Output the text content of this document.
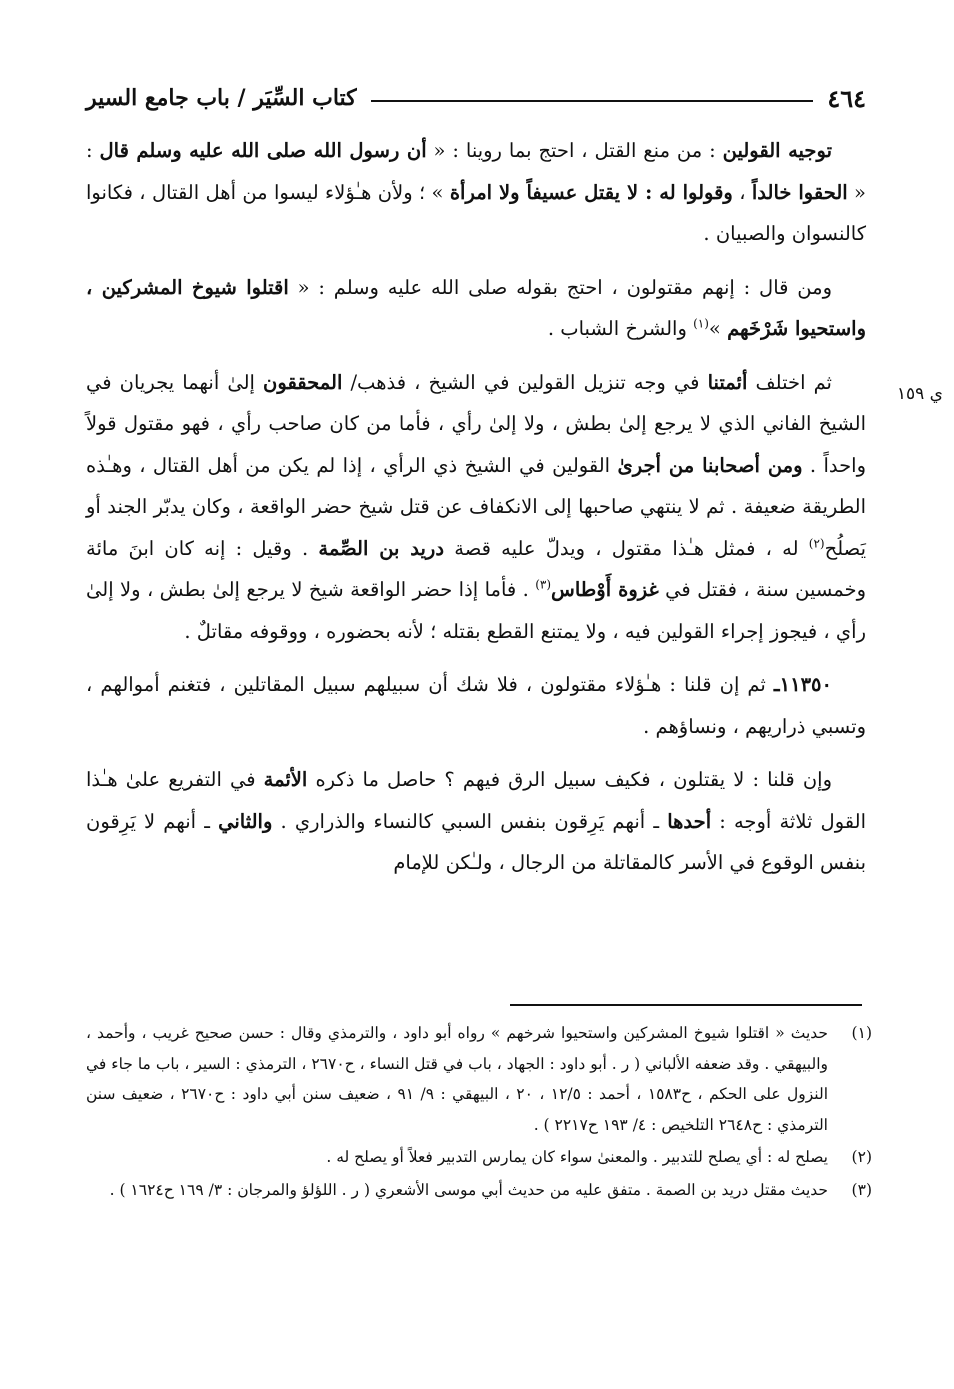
٤٦٤
كتاب السِّيَر / باب جامع السير
ي ١٥٩

توجيه القولين : من منع القتل ، احتج بما روينا : « أن رسول الله صلى الله عليه وسلم قال : « الحقوا خالداً ، وقولوا له : لا يقتل عسيفاً ولا امرأة » ؛ ولأن هـٰؤلاء ليسوا من أهل القتال ، فكانوا كالنسوان والصبيان .

ومن قال : إنهم مقتولون ، احتج بقوله صلى الله عليه وسلم : « اقتلوا شيوخ المشركين ، واستحيوا شَرْخَهم »$^{(١)}$ والشرخ الشباب .

ثم اختلف أئمتنا في وجه تنزيل القولين في الشيخ ، فذهب/ المحققون إلىٰ أنهما يجريان في الشيخ الفاني الذي لا يرجع إلىٰ بطش ، ولا إلىٰ رأي ، فأما من كان صاحب رأي ، فهو مقتول قولاً واحداً . ومن أصحابنا من أجرىٰ القولين في الشيخ ذي الرأي ، إذا لم يكن من أهل القتال ، وهـٰذه الطريقة ضعيفة . ثم لا ينتهي صاحبها إلى الانكفاف عن قتل شيخ حضر الواقعة ، وكان يدبّر الجند أو يَصلُح$^{(٢)}$ له ، فمثل هـٰذا مقتول ، ويدلّ عليه قصة دريد بن الصِّمة . وقيل : إنه كان ابنَ مائة وخمسين سنة ، فقتل في غزوة أَوْطاس$^{(٣)}$ . فأما إذا حضر الواقعة شيخ لا يرجع إلىٰ بطش ، ولا إلىٰ رأي ، فيجوز إجراء القولين فيه ، ولا يمتنع القطع بقتله ؛ لأنه بحضوره ، ووقوفه مقاتلٌ .

١١٣٥٠ـ ثم إن قلنا : هـٰؤلاء مقتولون ، فلا شك أن سبيلهم سبيل المقاتلين ، فتغنم أموالهم ، وتسبي ذراريهم ، ونساؤهم .

وإن قلنا : لا يقتلون ، فكيف سبيل الرق فيهم ؟ حاصل ما ذكره الأئمة في التفريع علىٰ هـٰذا القول ثلاثة أوجه : أحدها ـ أنهم يَرِقون بنفس السبي كالنساء والذراري . والثاني ـ أنهم لا يَرِقون بنفس الوقوع في الأسر كالمقاتلة من الرجال ، ولـٰكن للإمام

(١)
حديث « اقتلوا شيوخ المشركين واستحيوا شرخهم » رواه أبو داود ، والترمذي وقال : حسن صحيح غريب ، وأحمد ، والبيهقي . وقد ضعفه الألباني ( ر . أبو داود : الجهاد ، باب في قتل النساء ، ح٢٦٧٠ ، الترمذي : السير ، باب ما جاء في النزول على الحكم ، ح١٥٨٣ ، أحمد : ١٢/٥ ، ٢٠ ، البيهقي : ٩/ ٩١ ، ضعيف سنن أبي داود : ح٢٦٧٠ ، ضعيف سنن الترمذي : ح٢٦٤٨ التلخيص : ٤/ ١٩٣ ح٢٢١٧ ) .
(٢)
يصلح له : أي يصلح للتدبير . والمعنىٰ سواء كان يمارس التدبير فعلاً أو يصلح له .
(٣)
حديث مقتل دريد بن الصمة . متفق عليه من حديث أبي موسى الأشعري ( ر . اللؤلؤ والمرجان : ٣/ ١٦٩ ح١٦٢٤ ) .
